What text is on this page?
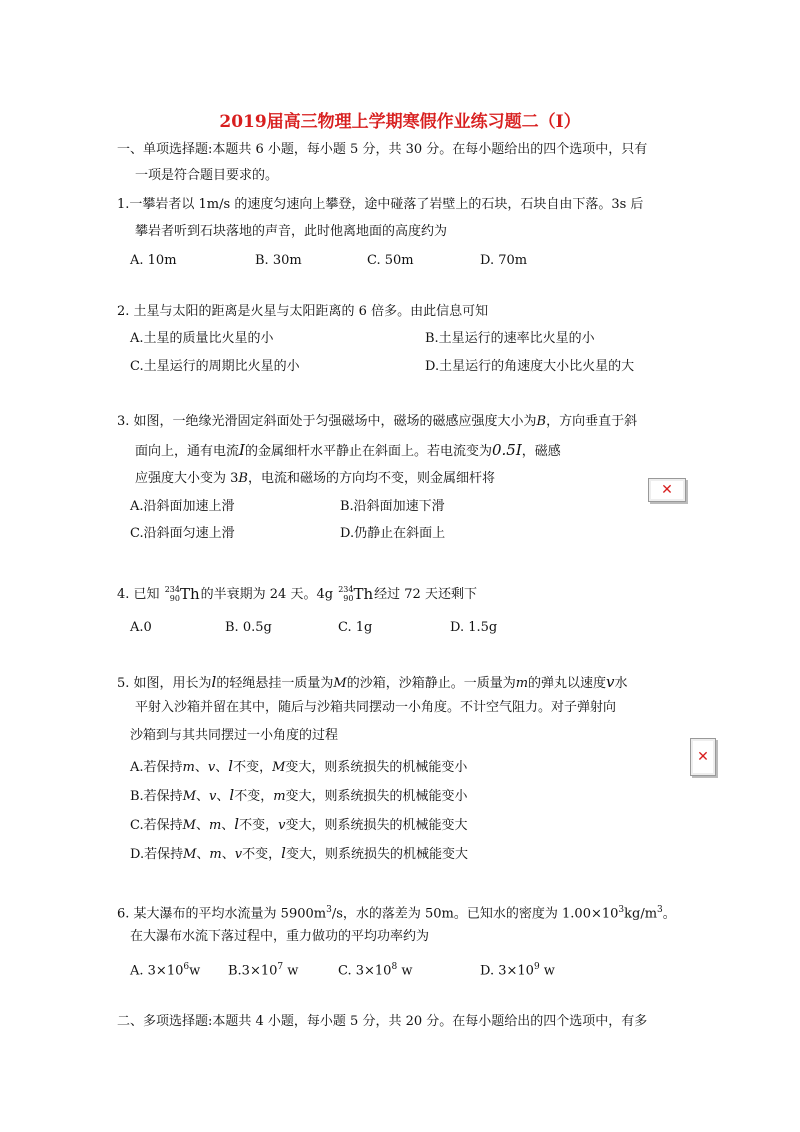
2019届高三物理上学期寒假作业练习题二（I）
一、单项选择题:本题共 6 小题，每小题 5 分，共 30 分。在每小题给出的四个选项中，只有
一项是符合题目要求的。
1.一攀岩者以 1m/s 的速度匀速向上攀登，途中碰落了岩壁上的石块，石块自由下落。3s 后
攀岩者听到石块落地的声音，此时他离地面的高度约为
A. 10m	B. 30m	C. 50m	D. 70m
2. 土星与太阳的距离是火星与太阳距离的 6 倍多。由此信息可知
A.土星的质量比火星的小	B.土星运行的速率比火星的小
C.土星运行的周期比火星的小	D.土星运行的角速度大小比火星的大
3. 如图，一绝缘光滑固定斜面处于匀强磁场中，磁场的磁感应强度大小为B，方向垂直于斜
面向上，通有电流I的金属细杆水平静止在斜面上。若电流变为0.5I，磁感
应强度大小变为 3B，电流和磁场的方向均不变，则金属细杆将
A.沿斜面加速上滑	B.沿斜面加速下滑
C.沿斜面匀速上滑	D.仍静止在斜面上
✕
4. 已知 234
90 Th的半衰期为 24 天。4g 234
90 Th经过 72 天还剩下
A.0	B. 0.5g	C. 1g	D. 1.5g
5. 如图，用长为l的轻绳悬挂一质量为M的沙箱，沙箱静止。一质量为m的弹丸以速度v水
平射入沙箱并留在其中，随后与沙箱共同摆动一小角度。不计空气阻力。对子弹射向
沙箱到与其共同摆过一小角度的过程
A.若保持m、v、l不变，M变大，则系统损失的机械能变小
B.若保持M、v、l不变，m变大，则系统损失的机械能变小
C.若保持M、m、l不变，v变大，则系统损失的机械能变大
D.若保持M、m、v不变，l变大，则系统损失的机械能变大
✕
6. 某大瀑布的平均水流量为 $5900m^3/s$，水的落差为 50m。已知水的密度为 $1.00\times 10^3kg/m^3$。
在大瀑布水流下落过程中，重力做功的平均功率约为
A. $3\times 10^6w$ $B.3\times 10^7$ w	C. $3\times 10^8$ w	D. $3\times 10^9$ w
二、多项选择题:本题共 4 小题，每小题 5 分，共 20 分。在每小题给出的四个选项中，有多
